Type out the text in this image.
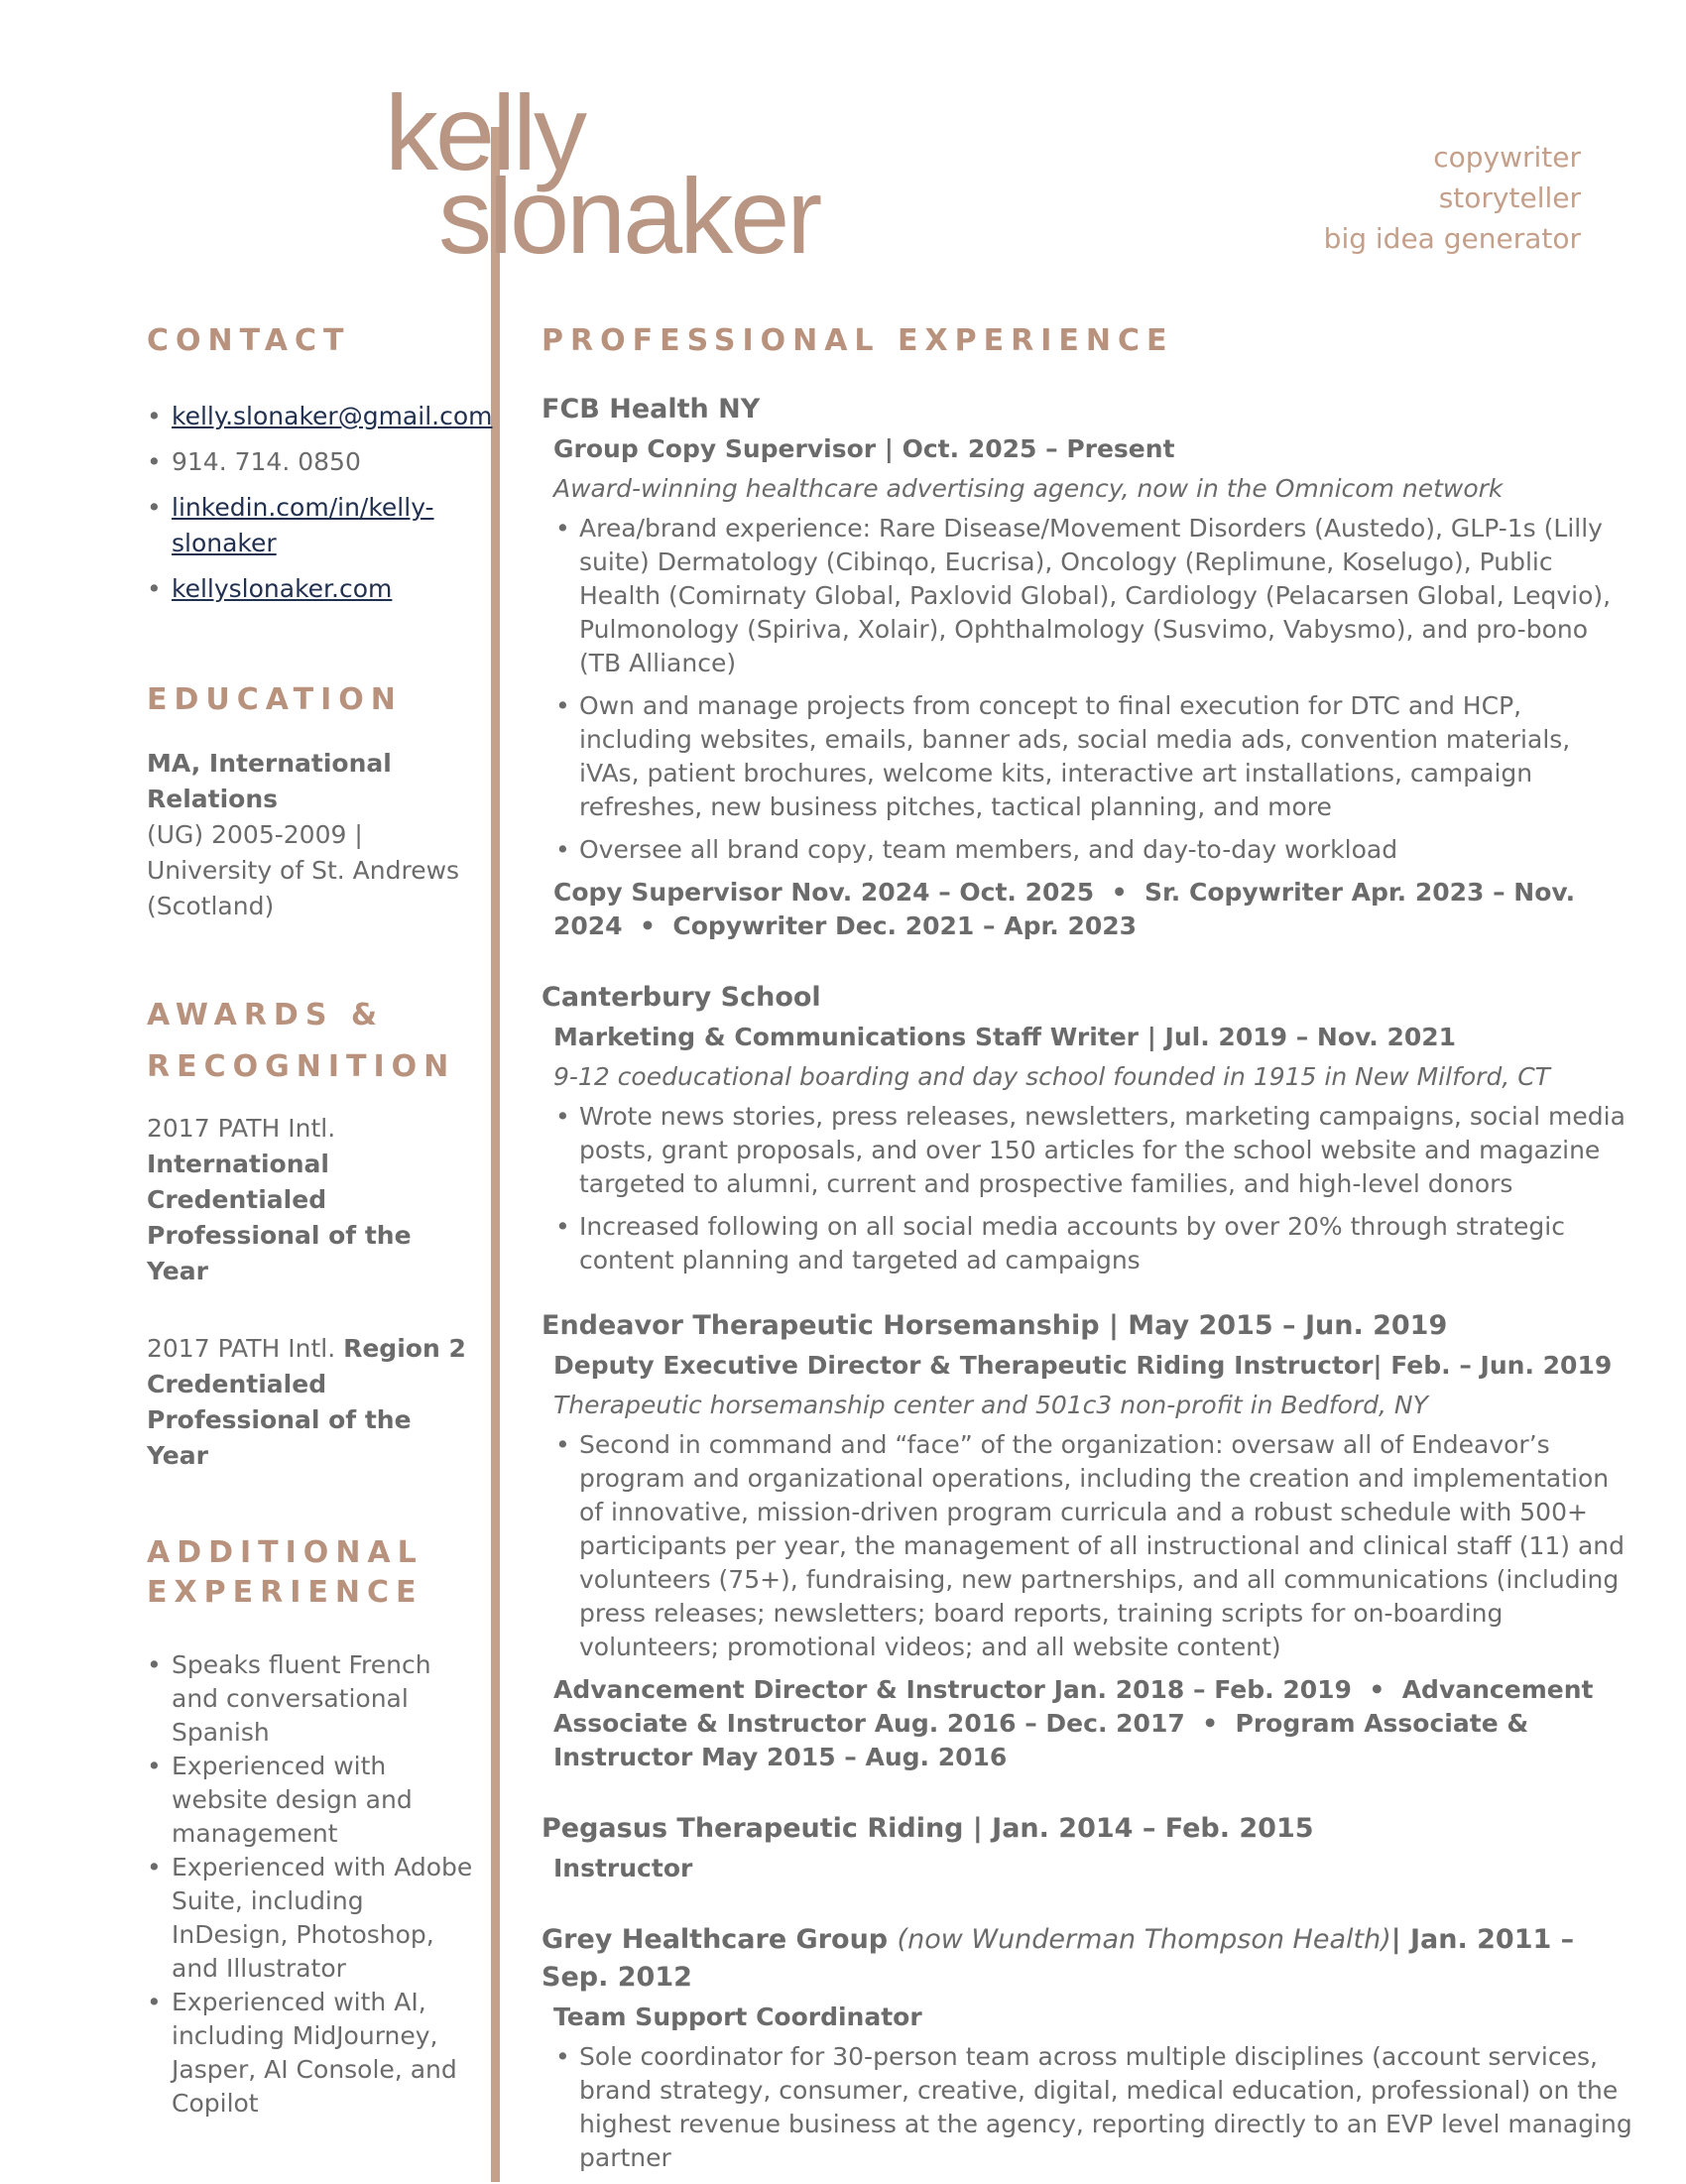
kelly
slonaker	copywriter

storyteller

big idea generator

CONTACT

• kelly.slonaker@gmail.com
• 914. 714. 0850
• linkedin.com/in/kelly-slonaker
• kellyslonaker.com

EDUCATION

MA, International Relations
(UG) 2005-2009 | University of St. Andrews (Scotland)

AWARDS &

RECOGNITION

2017 PATH Intl.
International Credentialed Professional of the Year
2017 PATH Intl. Region 2 Credentialed Professional of the Year

ADDITIONAL

EXPERIENCE

• Speaks fluent French and conversational Spanish
• Experienced with website design and management
• Experienced with Adobe Suite, including InDesign, Photoshop, and Illustrator
• Experienced with AI, including MidJourney, Jasper, AI Console, and Copilot

PROFESSIONAL EXPERIENCE

FCB Health NY

Group Copy Supervisor | Oct. 2025 – Present
Award-winning healthcare advertising agency, now in the Omnicom network
• Area/brand experience: Rare Disease/Movement Disorders (Austedo), GLP-1s (Lilly suite) Dermatology (Cibinqo, Eucrisa), Oncology (Replimune, Koselugo), Public Health (Comirnaty Global, Paxlovid Global), Cardiology (Pelacarsen Global, Leqvio), Pulmonology (Spiriva, Xolair), Ophthalmology (Susvimo, Vabysmo), and pro-bono (TB Alliance)
• Own and manage projects from concept to final execution for DTC and HCP, including websites, emails, banner ads, social media ads, convention materials, iVAs, patient brochures, welcome kits, interactive art installations, campaign refreshes, new business pitches, tactical planning, and more
• Oversee all brand copy, team members, and day-to-day workload
Copy Supervisor Nov. 2024 – Oct. 2025  •  Sr. Copywriter Apr. 2023 – Nov. 2024  •  Copywriter Dec. 2021 – Apr. 2023

Canterbury School

Marketing & Communications Staff Writer | Jul. 2019 – Nov. 2021
9-12 coeducational boarding and day school founded in 1915 in New Milford, CT
• Wrote news stories, press releases, newsletters, marketing campaigns, social media posts, grant proposals, and over 150 articles for the school website and magazine targeted to alumni, current and prospective families, and high-level donors
• Increased following on all social media accounts by over 20% through strategic content planning and targeted ad campaigns

Endeavor Therapeutic Horsemanship | May 2015 – Jun. 2019

Deputy Executive Director & Therapeutic Riding Instructor| Feb. – Jun. 2019
Therapeutic horsemanship center and 501c3 non-profit in Bedford, NY
• Second in command and “face” of the organization: oversaw all of Endeavor’s program and organizational operations, including the creation and implementation of innovative, mission-driven program curricula and a robust schedule with 500+ participants per year, the management of all instructional and clinical staff (11) and volunteers (75+), fundraising, new partnerships, and all communications (including press releases; newsletters; board reports, training scripts for on-boarding volunteers; promotional videos; and all website content)
Advancement Director & Instructor Jan. 2018 – Feb. 2019  •  Advancement Associate & Instructor Aug. 2016 – Dec. 2017  •  Program Associate & Instructor May 2015 – Aug. 2016

Pegasus Therapeutic Riding | Jan. 2014 – Feb. 2015

Instructor

Grey Healthcare Group (now Wunderman Thompson Health)| Jan. 2011 – Sep. 2012

Team Support Coordinator
• Sole coordinator for 30-person team across multiple disciplines (account services, brand strategy, consumer, creative, digital, medical education, professional) on the highest revenue business at the agency, reporting directly to an EVP level managing partner
